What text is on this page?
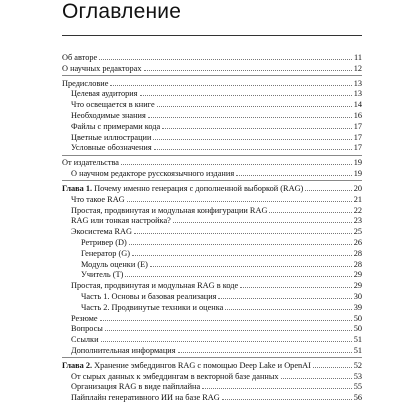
Оглавление
Об авторе	11
О научных редакторах	12
Предисловие	13
Целевая аудитория	13
Что освещается в книге	14
Необходимые знания	16
Файлы с примерами кода	17
Цветные иллюстрации	17
Условные обозначения	17
От издательства	19
О научном редакторе русскоязычного издания	19
Глава 1. Почему именно генерация с дополненной выборкой (RAG)	20
Что такое RAG	21
Простая, продвинутая и модульная конфигурации RAG	22
RAG или тонкая настройка?	23
Экосистема RAG	25
Ретривер (D)	26
Генератор (G)	28
Модуль оценки (E)	28
Учитель (T)	29
Простая, продвинутая и модульная RAG в коде	29
Часть 1. Основы и базовая реализация	30
Часть 2. Продвинутые техники и оценка	39
Резюме	50
Вопросы	50
Ссылки	51
Дополнительная информация	51
Глава 2. Хранение эмбеддингов RAG с помощью Deep Lake и OpenAI	52
От сырых данных к эмбеддингам в векторной базе данных	53
Организация RAG в виде пайплайна	55
Пайплайн генеративного ИИ на базе RAG	56
